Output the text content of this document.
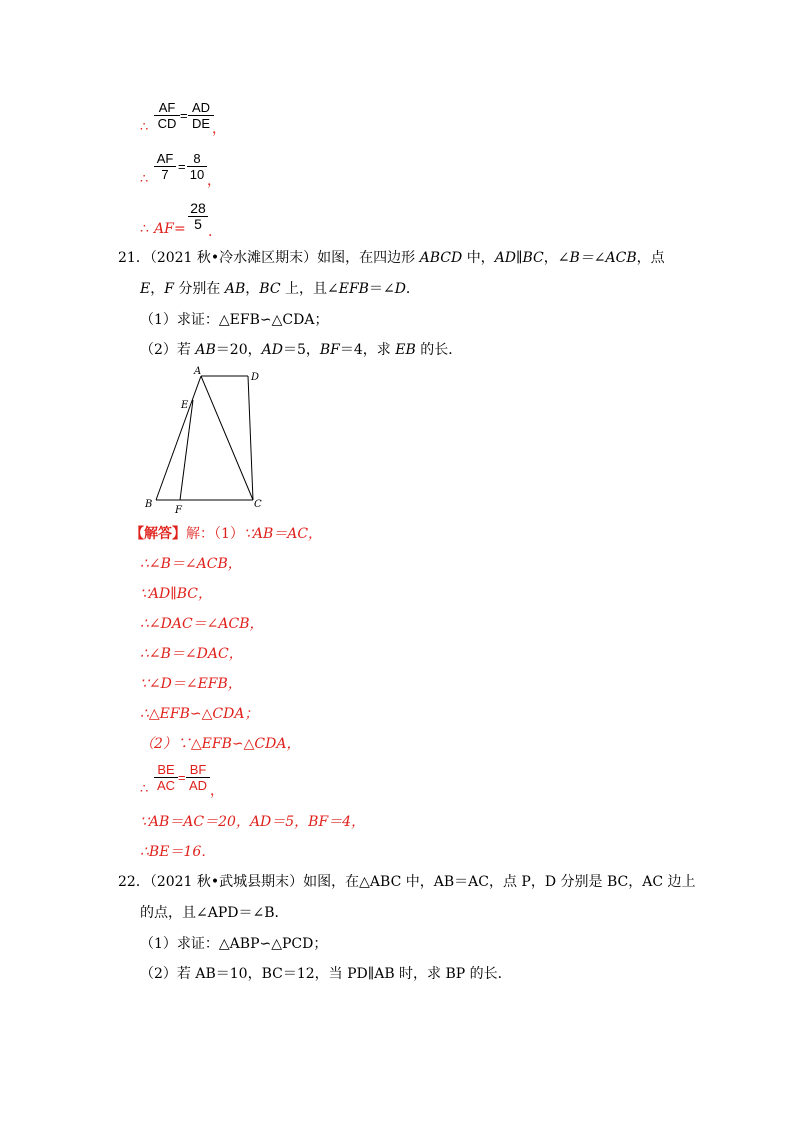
∴
AF
CD
=
AD
DE ，
∴
AF
7
=
8
10 ，
∴ AF =
28
5 ．
21．（2021 秋•冷水滩区期末）如图，在四边形 ABCD 中，AD∥BC，∠B＝∠ACB，点
E，F 分别在 AB，BC 上，且∠EFB＝∠D．
（1）求证：△EFB∽△CDA；
（2）若 AB＝20，AD＝5，BF＝4，求 EB 的长．
A
D
E
B
F
C
【解答】解：（1）∵AB＝AC，
∴∠B＝∠ACB，
∵AD∥BC，
∴∠DAC＝∠ACB，
∴∠B＝∠DAC，
∵∠D＝∠EFB，
∴△EFB∽△CDA；
（2）∵△EFB∽△CDA，
∴
BE
AC
=
BF
AD ，
∵AB＝AC＝20，AD＝5，BF＝4，
∴BE＝16．
22．（2021 秋•武城县期末）如图，在△ABC 中，AB＝AC，点 P，D 分别是 BC，AC 边上
的点，且∠APD＝∠B．
（1）求证：△ABP∽△PCD；
（2）若 AB＝10，BC＝12，当 PD∥AB 时，求 BP 的长．
